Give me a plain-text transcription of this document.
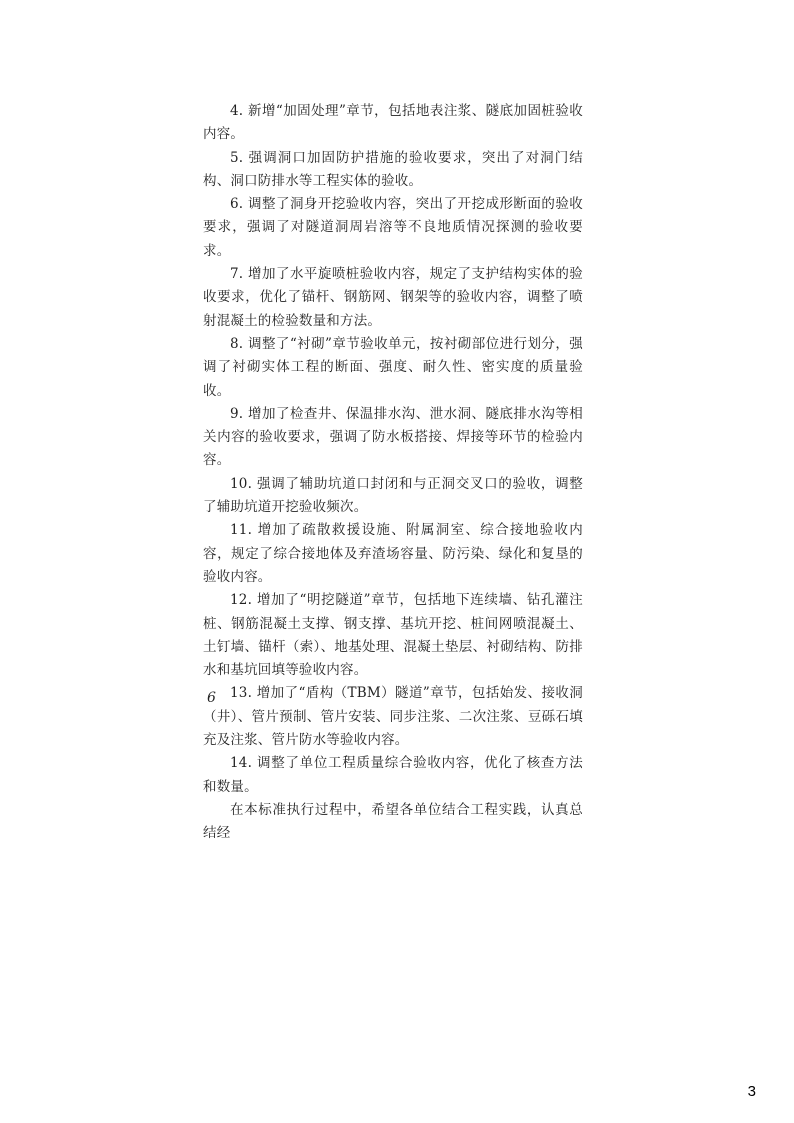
4. 新增“加固处理”章节，包括地表注浆、隧底加固桩验收内容。

5. 强调洞口加固防护措施的验收要求，突出了对洞门结构、洞口防排水等工程实体的验收。

6. 调整了洞身开挖验收内容，突出了开挖成形断面的验收要求，强调了对隧道洞周岩溶等不良地质情况探测的验收要求。

7. 增加了水平旋喷桩验收内容，规定了支护结构实体的验收要求，优化了锚杆、钢筋网、钢架等的验收内容，调整了喷射混凝土的检验数量和方法。

8. 调整了“衬砌”章节验收单元，按衬砌部位进行划分，强调了衬砌实体工程的断面、强度、耐久性、密实度的质量验收。

9. 增加了检查井、保温排水沟、泄水洞、隧底排水沟等相关内容的验收要求，强调了防水板搭接、焊接等环节的检验内容。

10. 强调了辅助坑道口封闭和与正洞交叉口的验收，调整了辅助坑道开挖验收频次。

11. 增加了疏散救援设施、附属洞室、综合接地验收内容，规定了综合接地体及弃渣场容量、防污染、绿化和复垦的验收内容。

12. 增加了“明挖隧道”章节，包括地下连续墙、钻孔灌注桩、钢筋混凝土支撑、钢支撑、基坑开挖、桩间网喷混凝土、土钉墙、锚杆（索）、地基处理、混凝土垫层、衬砌结构、防排水和基坑回填等验收内容。

13. 增加了“盾构（TBM）隧道”章节，包括始发、接收洞（井）、管片预制、管片安装、同步注浆、二次注浆、豆砾石填充及注浆、管片防水等验收内容。

14. 调整了单位工程质量综合验收内容，优化了核查方法和数量。

在本标准执行过程中，希望各单位结合工程实践，认真总结经

6
3
